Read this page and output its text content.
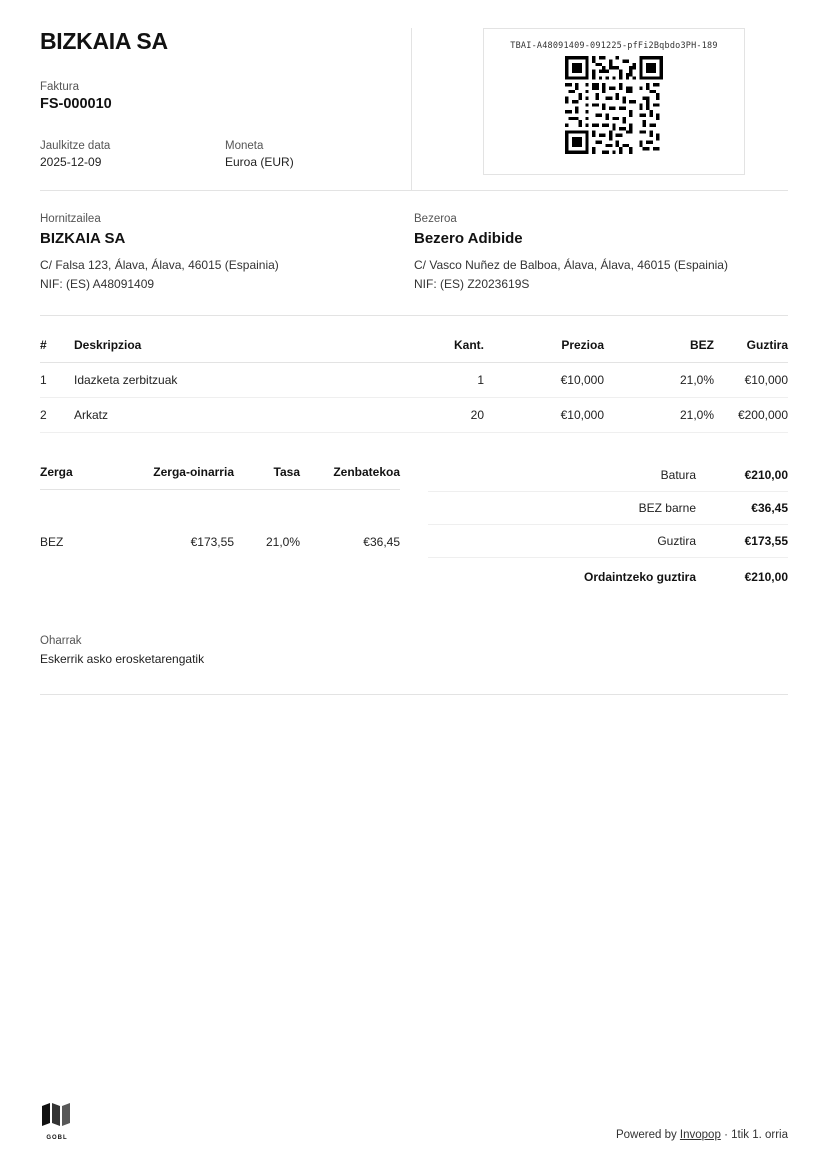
BIZKAIA SA
Faktura
FS-000010
Jaulkitze data
2025-12-09
Moneta
Euroa (EUR)
TBAI-A48091409-091225-pfFi2Bqbdo3PH-189
Hornitzailea
BIZKAIA SA
C/ Falsa 123, Álava, Álava, 46015 (Espainia)
NIF: (ES) A48091409
Bezeroa
Bezero Adibide
C/ Vasco Nuñez de Balboa, Álava, Álava, 46015 (Espainia)
NIF: (ES) Z2023619S
#	Deskripzioa	Kant.	Prezioa	BEZ	Guztira
1	Idazketa zerbitzuak	1	€10,000	21,0%	€10,000
2	Arkatz	20	€10,000	21,0%	€200,000
Zerga	Zerga-oinarria	Tasa	Zenbatekoa
BEZ	€173,55	21,0%	€36,45
Batura	€210,00
BEZ barne	€36,45
Guztira	€173,55
Ordaintzeko guztira	€210,00
Oharrak
Eskerrik asko erosketarengatik
GOBL	Powered by Invopop · 1tik 1. orria
